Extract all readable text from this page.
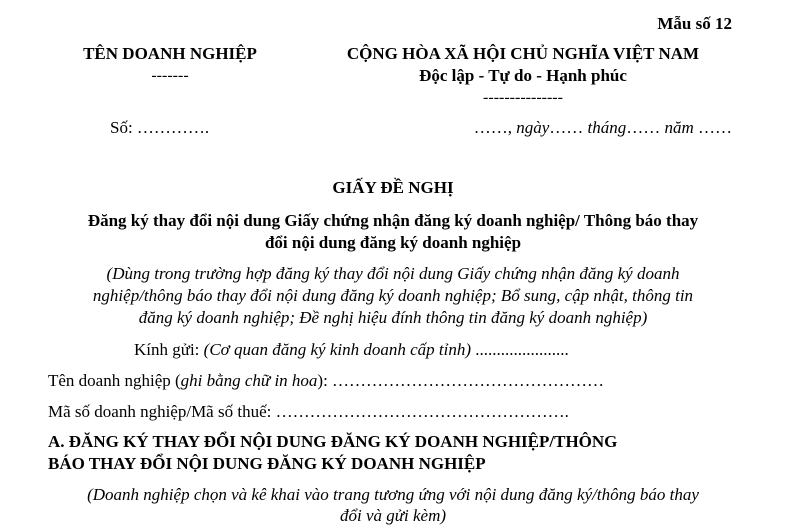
Mẫu số 12
TÊN DOANH NGHIỆP
-------
CỘNG HÒA XÃ HỘI CHỦ NGHĨA VIỆT NAM
Độc lập - Tự do - Hạnh phúc
---------------
Số: ………….	……, ngày…… tháng…… năm ……
GIẤY ĐỀ NGHỊ
Đăng ký thay đổi nội dung Giấy chứng nhận đăng ký doanh nghiệp/ Thông báo thay
đổi nội dung đăng ký doanh nghiệp
(Dùng trong trường hợp đăng ký thay đổi nội dung Giấy chứng nhận đăng ký doanh
nghiệp/thông báo thay đổi nội dung đăng ký doanh nghiệp; Bổ sung, cập nhật, thông tin
đăng ký doanh nghiệp; Đề nghị hiệu đính thông tin đăng ký doanh nghiệp)
Kính gửi: (Cơ quan đăng ký kinh doanh cấp tỉnh) ......................
Tên doanh nghiệp (ghi bằng chữ in hoa): …………………………………………
Mã số doanh nghiệp/Mã số thuế: …………………………………………….
A. ĐĂNG KÝ THAY ĐỔI NỘI DUNG ĐĂNG KÝ DOANH NGHIỆP/THÔNG
BÁO THAY ĐỔI NỘI DUNG ĐĂNG KÝ DOANH NGHIỆP
(Doanh nghiệp chọn và kê khai vào trang tương ứng với nội dung đăng ký/thông báo thay
đổi và gửi kèm)
